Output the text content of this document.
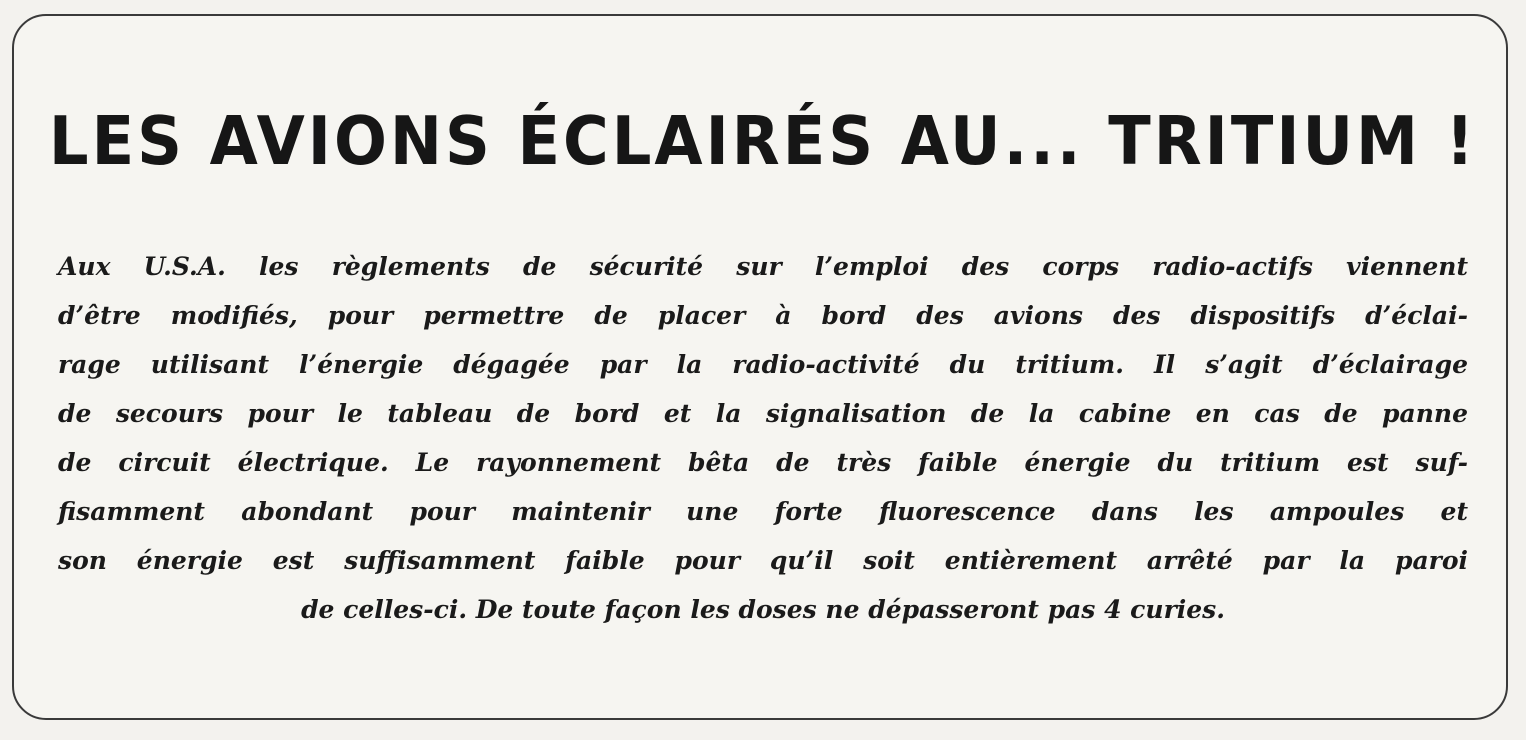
LES AVIONS ÉCLAIRÉS AU... TRITIUM !
Aux U.S.A. les règlements de sécurité sur l’emploi des corps radio-actifs viennent
d’être modifiés, pour permettre de placer à bord des avions des dispositifs d’éclai-
rage utilisant l’énergie dégagée par la radio-activité du tritium. Il s’agit d’éclairage
de secours pour le tableau de bord et la signalisation de la cabine en cas de panne
de circuit électrique. Le rayonnement bêta de très faible énergie du tritium est suf-
fisamment abondant pour maintenir une forte fluorescence dans les ampoules et
son énergie est suffisamment faible pour qu’il soit entièrement arrêté par la paroi
de celles-ci. De toute façon les doses ne dépasseront pas 4 curies.
